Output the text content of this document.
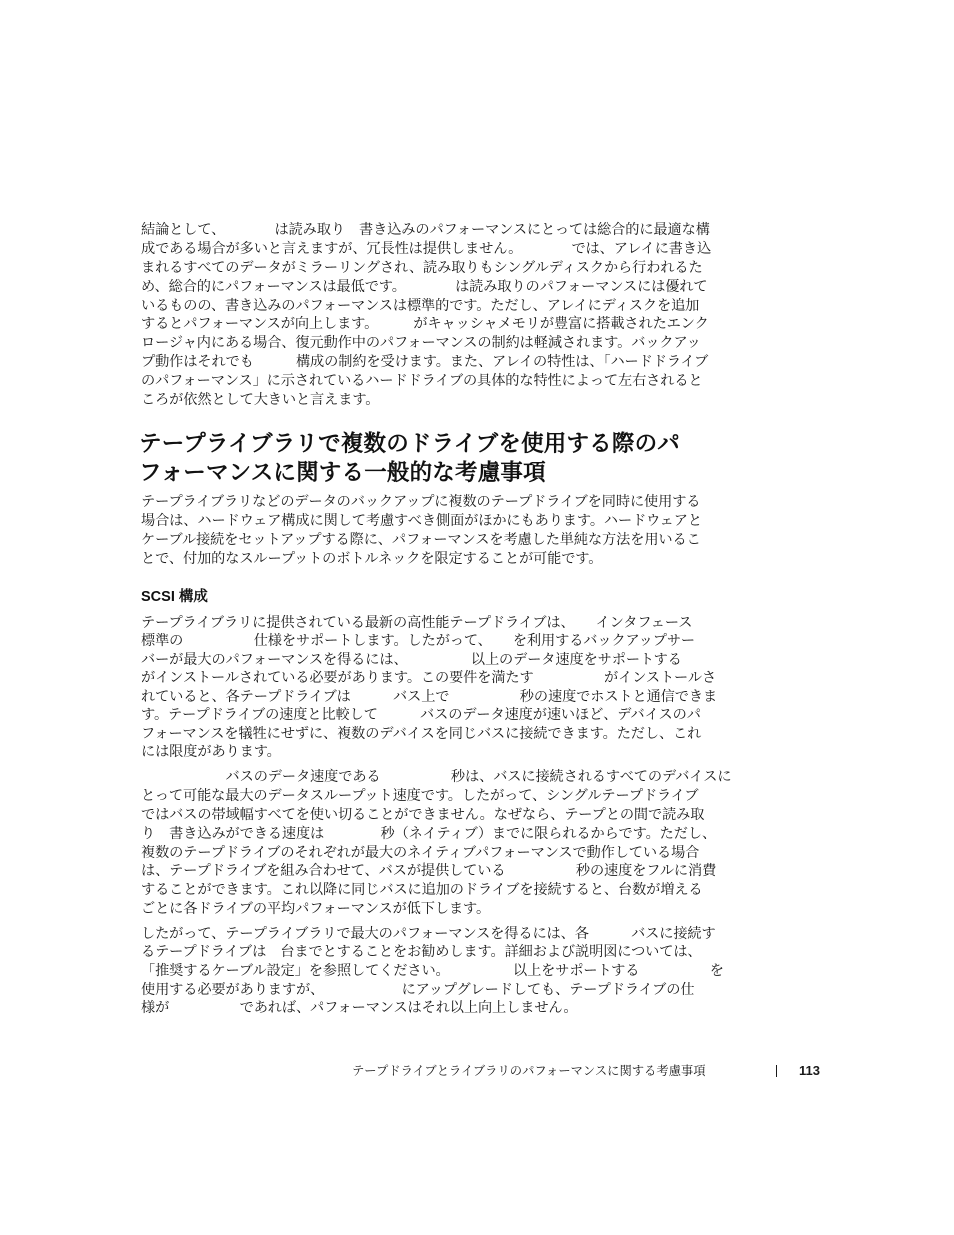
結論として、　　　　は読み取り　書き込みのパフォーマンスにとっては総合的に最適な構
成である場合が多いと言えますが、冗長性は提供しません。　　　　では、アレイに書き込
まれるすべてのデータがミラーリングされ、読み取りもシングルディスクから行われるた
め、総合的にパフォーマンスは最低です。　　　　は読み取りのパフォーマンスには優れて
いるものの、書き込みのパフォーマンスは標準的です。ただし、アレイにディスクを追加
するとパフォーマンスが向上します。　　　がキャッシャメモリが豊富に搭載されたエンク
ロージャ内にある場合、復元動作中のパフォーマンスの制約は軽減されます。バックアッ
プ動作はそれでも　　　構成の制約を受けます。また、アレイの特性は、「ハードドライブ
のパフォーマンス」に示されているハードドライブの具体的な特性によって左右されると
ころが依然として大きいと言えます。
テープライブラリで複数のドライブを使用する際のパ
フォーマンスに関する一般的な考慮事項
テープライブラリなどのデータのバックアップに複数のテープドライブを同時に使用する
場合は、ハードウェア構成に関して考慮すべき側面がほかにもあります。ハードウェアと
ケーブル接続をセットアップする際に、パフォーマンスを考慮した単純な方法を用いるこ
とで、付加的なスループットのボトルネックを限定することが可能です。
SCSI 構成
テープライブラリに提供されている最新の高性能テープドライブは、　　インタフェース
標準の　　　　　仕様をサポートします。したがって、　　を利用するバックアップサー
バーが最大のパフォーマンスを得るには、　　　　　以上のデータ速度をサポートする
がインストールされている必要があります。この要件を満たす　　　　　がインストールさ
れていると、各テープドライブは　　　バス上で　　　　　秒の速度でホストと通信できま
す。テープドライブの速度と比較して　　　バスのデータ速度が速いほど、デバイスのパ
フォーマンスを犠牲にせずに、複数のデバイスを同じバスに接続できます。ただし、これ
には限度があります。
　　　　　　バスのデータ速度である　　　　　秒は、バスに接続されるすべてのデバイスに
とって可能な最大のデータスループット速度です。したがって、シングルテープドライブ
ではバスの帯域幅すべてを使い切ることができません。なぜなら、テープとの間で読み取
り　書き込みができる速度は　　　　秒（ネイティブ）までに限られるからです。ただし、
複数のテープドライブのそれぞれが最大のネイティブパフォーマンスで動作している場合
は、テープドライブを組み合わせて、バスが提供している　　　　　秒の速度をフルに消費
することができます。これ以降に同じバスに追加のドライブを接続すると、台数が増える
ごとに各ドライブの平均パフォーマンスが低下します。
したがって、テープライブラリで最大のパフォーマンスを得るには、各　　　バスに接続す
るテープドライブは　台までとすることをお勧めします。詳細および説明図については、
「推奨するケーブル設定」を参照してください。　　　　　以上をサポートする　　　　　を
使用する必要がありますが、　　　　　　にアップグレードしても、テープドライブの仕
様が　　　　　であれば、パフォーマンスはそれ以上向上しません。

テープドライブとライブラリのパフォーマンスに関する考慮事項

	113
